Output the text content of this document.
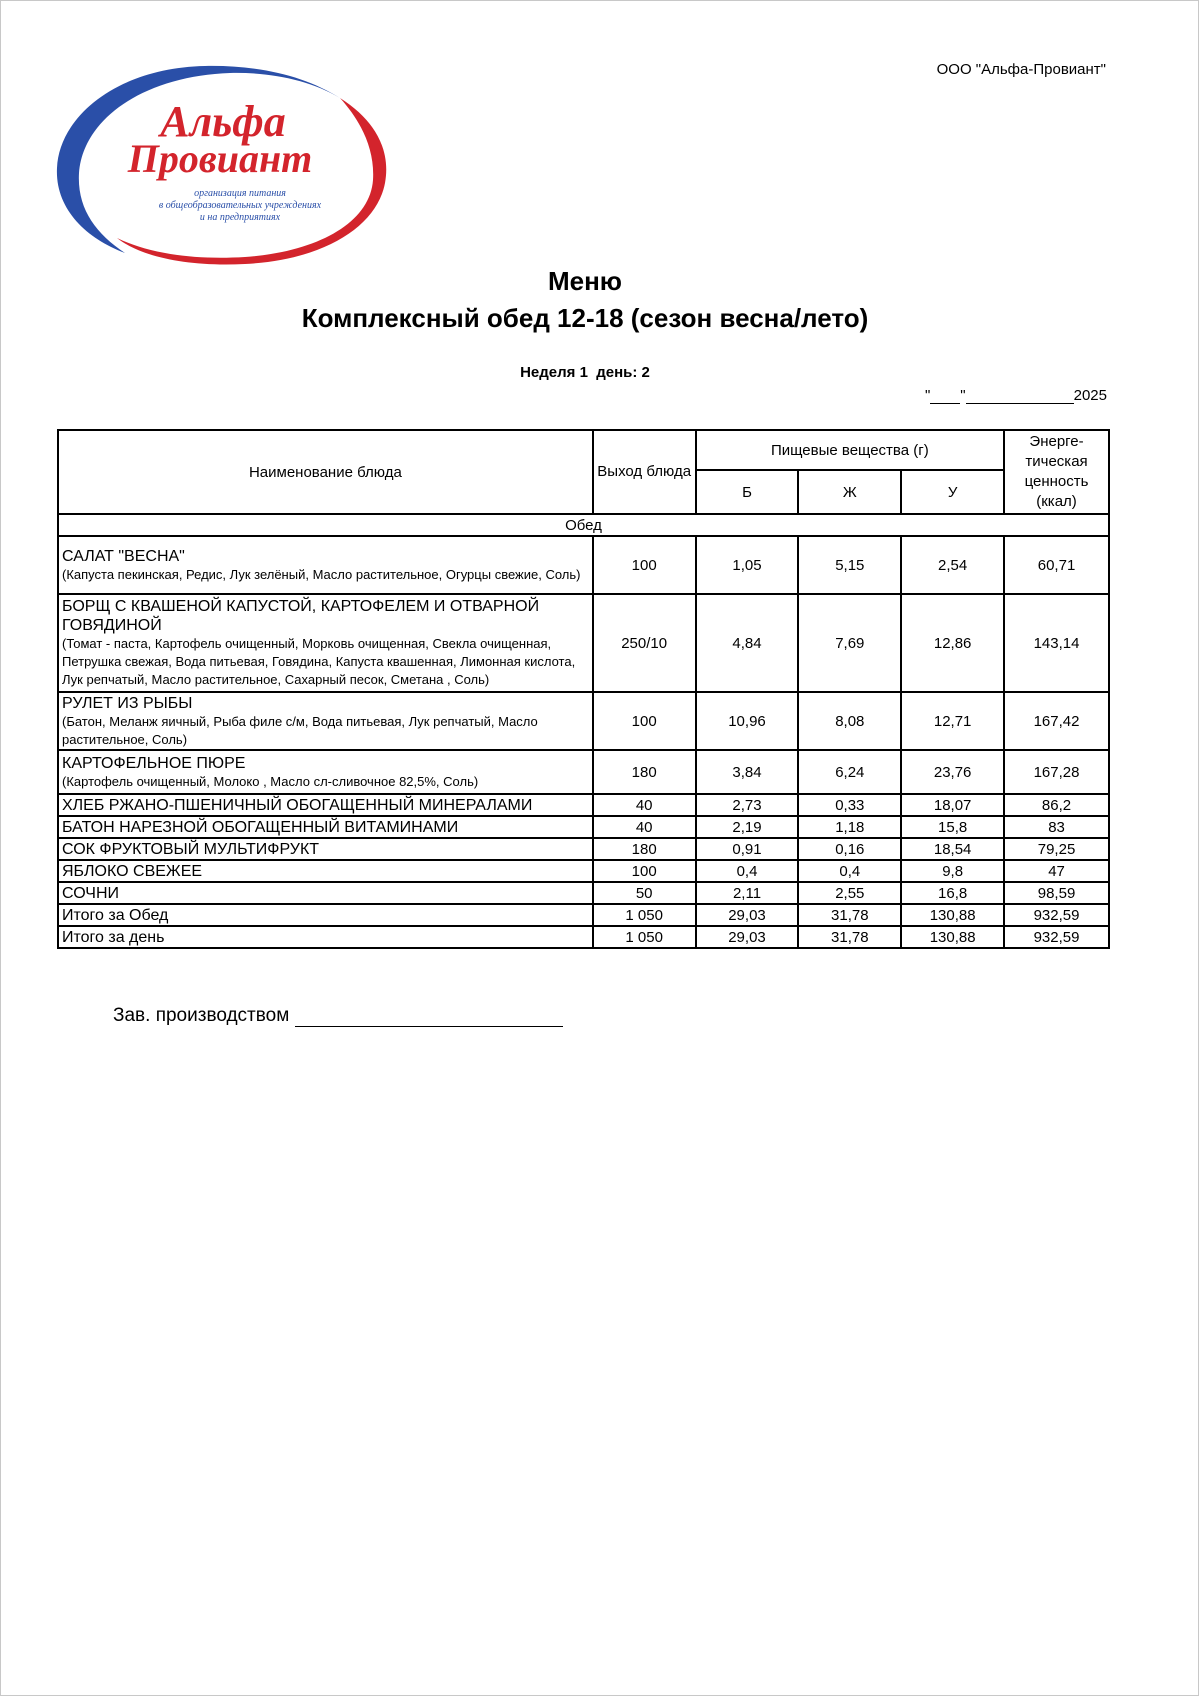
Альфа
Провиант
организация питания
в общеобразовательных учреждениях
и на предприятиях
ООО "Альфа-Провиант"
Меню
Комплексный обед 12-18 (сезон весна/лето)
Неделя 1  день: 2
" "	2025
Наименование блюда	Выход блюда	Пищевые вещества (г)			Энерге-тическая ценность (ккал)
		Б	Ж	У	
Обед					

САЛАТ "ВЕСНА"
(Капуста пекинская, Редис, Лук зелёный, Масло растительное, Огурцы свежие, Соль)	100	1,05	5,15	2,54	60,71

БОРЩ С КВАШЕНОЙ КАПУСТОЙ, КАРТОФЕЛЕМ И ОТВАРНОЙ ГОВЯДИНОЙ
(Томат - паста, Картофель очищенный, Морковь очищенная, Свекла очищенная, Петрушка свежая, Вода питьевая, Говядина, Капуста квашенная, Лимонная кислота, Лук репчатый, Масло растительное, Сахарный песок, Сметана , Соль)	250/10	4,84	7,69	12,86	143,14

РУЛЕТ ИЗ РЫБЫ
(Батон, Меланж яичный, Рыба филе с/м, Вода питьевая, Лук репчатый, Масло растительное, Соль)	100	10,96	8,08	12,71	167,42

КАРТОФЕЛЬНОЕ ПЮРЕ
(Картофель очищенный, Молоко , Масло сл-сливочное 82,5%, Соль)	180	3,84	6,24	23,76	167,28
ХЛЕБ РЖАНО-ПШЕНИЧНЫЙ ОБОГАЩЕННЫЙ МИНЕРАЛАМИ	40	2,73	0,33	18,07	86,2
БАТОН НАРЕЗНОЙ ОБОГАЩЕННЫЙ ВИТАМИНАМИ	40	2,19	1,18	15,8	83
СОК ФРУКТОВЫЙ МУЛЬТИФРУКТ	180	0,91	0,16	18,54	79,25
ЯБЛОКО СВЕЖЕЕ	100	0,4	0,4	9,8	47
СОЧНИ	50	2,11	2,55	16,8	98,59
Итого за Обед	1 050	29,03	31,78	130,88	932,59
Итого за день	1 050	29,03	31,78	130,88	932,59
Зав. производством
